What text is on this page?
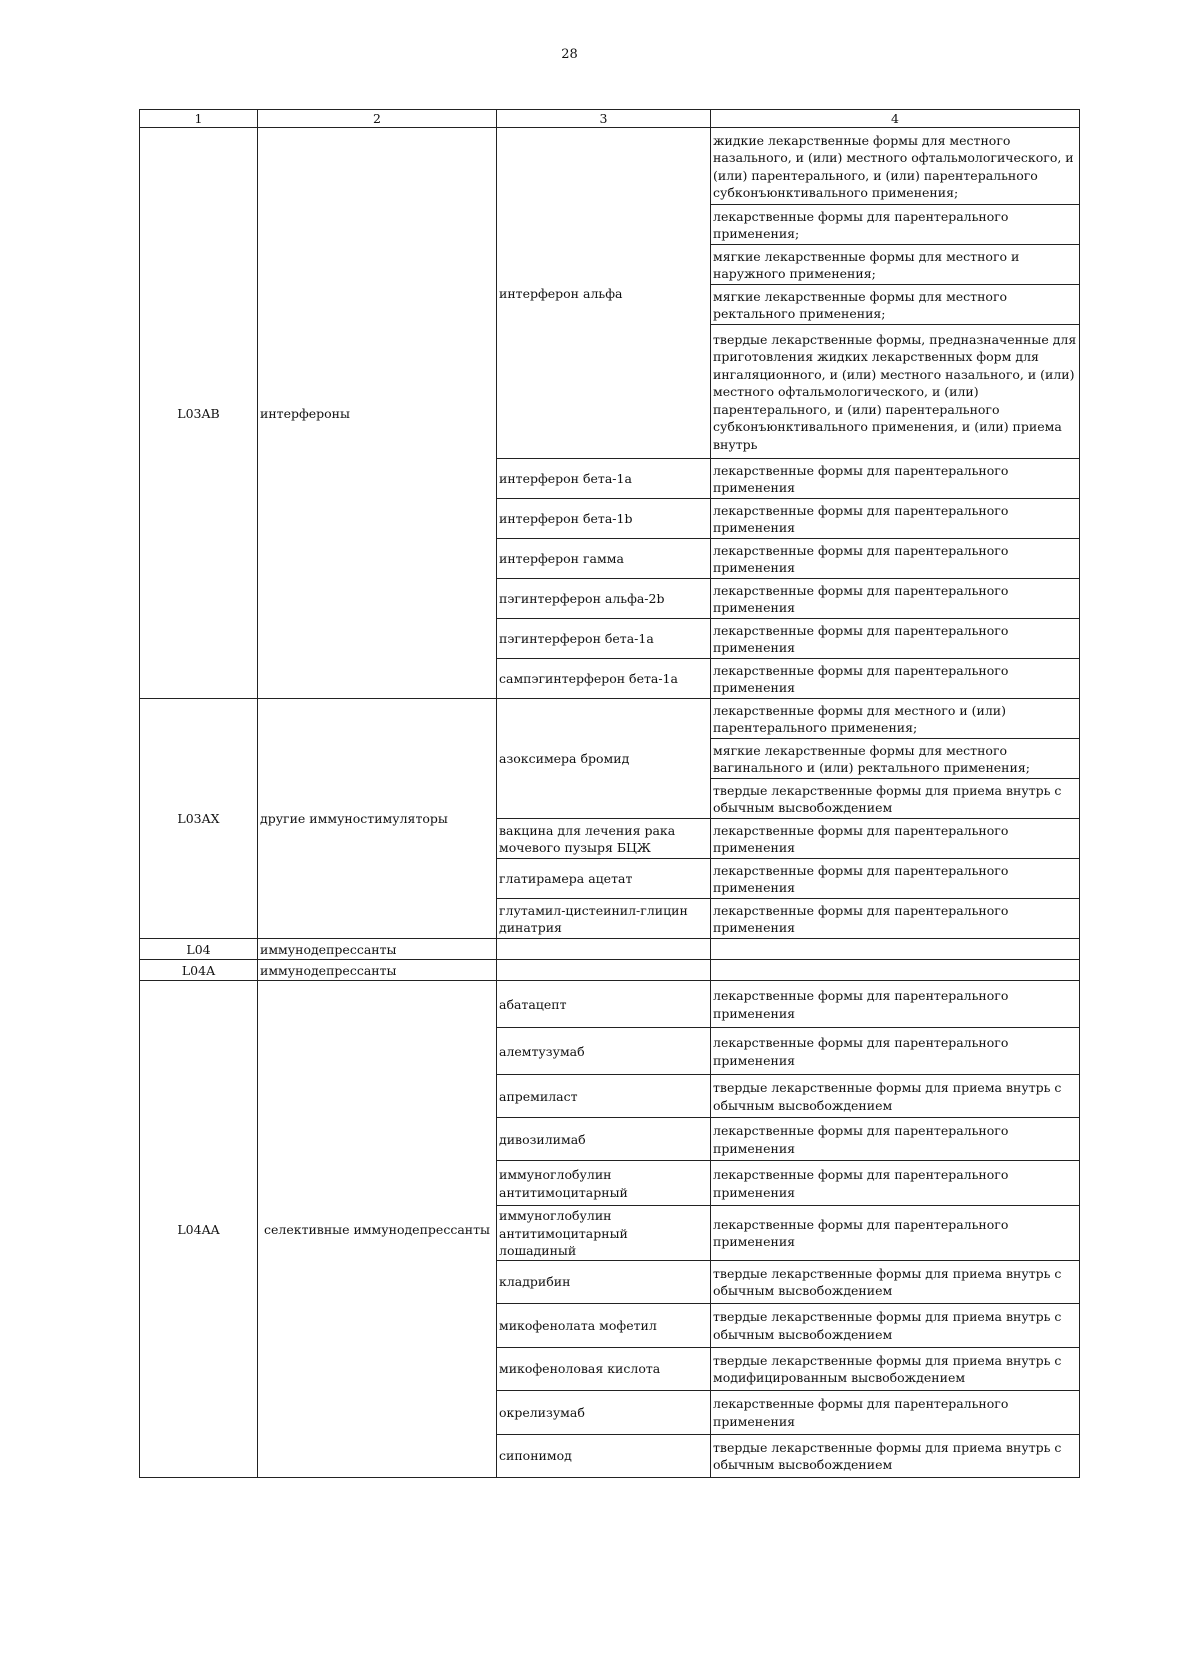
28
1	2	3	4
L03AB	интерфероны	интерферон альфа	жидкие лекарственные формы для местного назального, и (или) местного офтальмологического, и (или) парентерального, и (или) парентерального субконъюнктивального применения;
			лекарственные формы для парентерального применения;
			мягкие лекарственные формы для местного и наружного применения;
			мягкие лекарственные формы для местного ректального применения;
			твердые лекарственные формы, предназначенные для приготовления жидких лекарственных форм для ингаляционного, и (или) местного назального, и (или) местного офтальмологического, и (или) парентерального, и (или) парентерального субконъюнктивального применения, и (или) приема внутрь
		интерферон бета-1а	лекарственные формы для парентерального применения
		интерферон бета-1b	лекарственные формы для парентерального применения
		интерферон гамма	лекарственные формы для парентерального применения
		пэгинтерферон альфа-2b	лекарственные формы для парентерального применения
		пэгинтерферон бета-1а	лекарственные формы для парентерального применения
		сампэгинтерферон бета-1а	лекарственные формы для парентерального применения
L03AX	другие иммуностимуляторы	азоксимера бромид	лекарственные формы для местного и (или) парентерального применения;
			мягкие лекарственные формы для местного вагинального и (или) ректального применения;
			твердые лекарственные формы для приема внутрь с обычным высвобождением
		вакцина для лечения рака мочевого пузыря БЦЖ	лекарственные формы для парентерального применения
		глатирамера ацетат	лекарственные формы для парентерального применения
		глутамил-цистеинил-глицин динатрия	лекарственные формы для парентерального применения
L04	иммунодепрессанты		
L04A	иммунодепрессанты		
L04AA	селективные иммунодепрессанты	абатацепт	лекарственные формы для парентерального применения
		алемтузумаб	лекарственные формы для парентерального применения
		апремиласт	твердые лекарственные формы для приема внутрь с обычным высвобождением
		дивозилимаб	лекарственные формы для парентерального применения
		иммуноглобулин антитимоцитарный	лекарственные формы для парентерального применения
		иммуноглобулин антитимоцитарный лошадиный	лекарственные формы для парентерального применения
		кладрибин	твердые лекарственные формы для приема внутрь с обычным высвобождением
		микофенолата мофетил	твердые лекарственные формы для приема внутрь с обычным высвобождением
		микофеноловая кислота	твердые лекарственные формы для приема внутрь с модифицированным высвобождением
		окрелизумаб	лекарственные формы для парентерального применения
		сипонимод	твердые лекарственные формы для приема внутрь с обычным высвобождением
